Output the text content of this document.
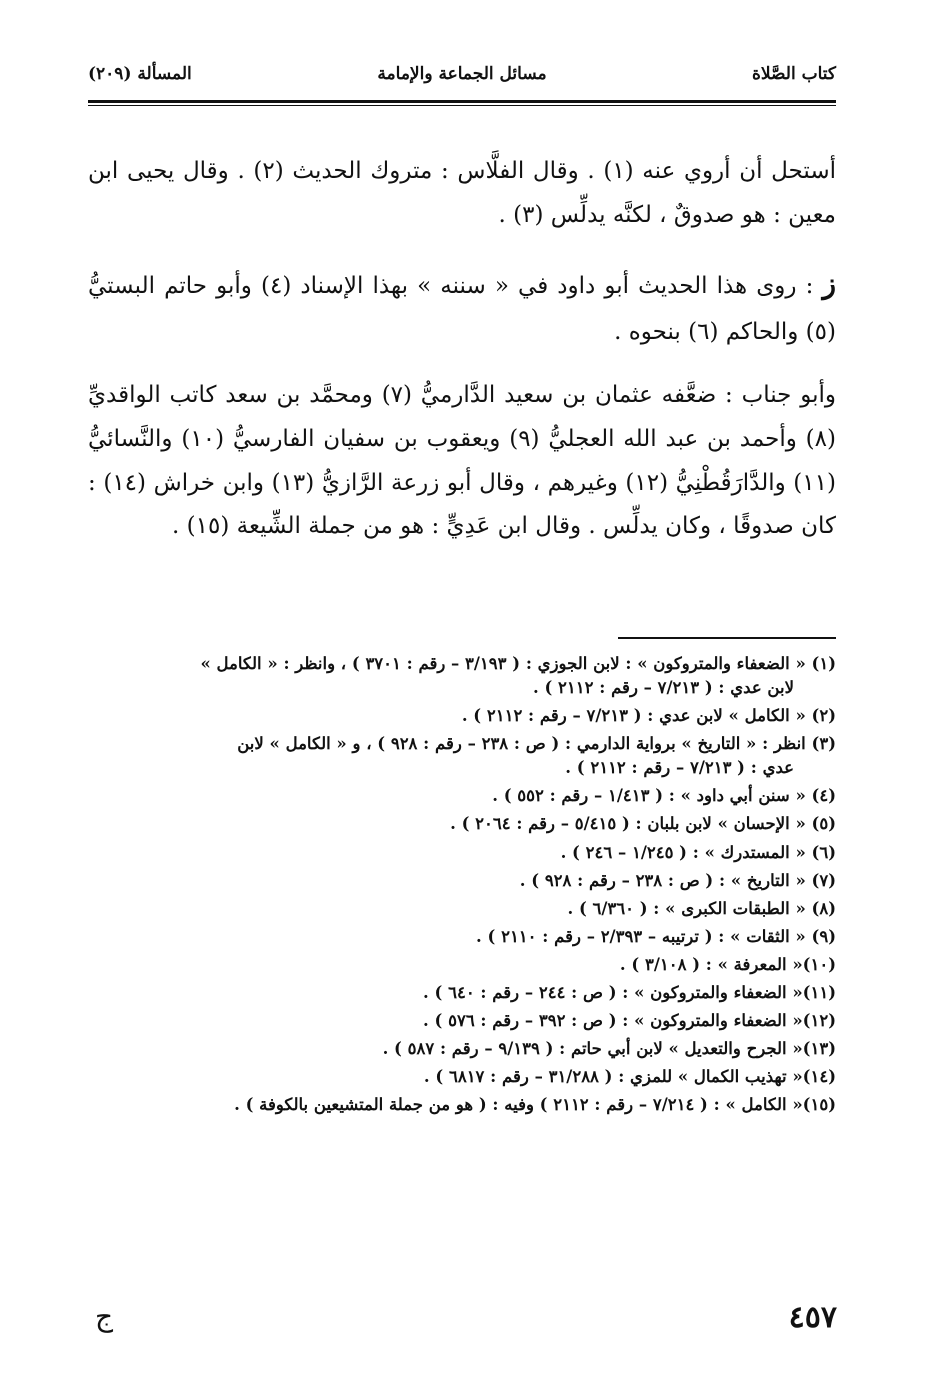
كتاب الصَّلاة
مسائل الجماعة والإمامة
المسألة (٢٠٩)

أستحل أن أروي عنه (١) . وقال الفلَّاس : متروك الحديث (٢) . وقال يحيى ابن معين : هو صدوقٌ ، لكنَّه يدلِّس (٣) .

ز : روى هذا الحديث أبو داود في « سننه » بهذا الإسناد (٤) وأبو حاتم البستيُّ (٥) والحاكم (٦) بنحوه .

وأبو جناب : ضعَّفه عثمان بن سعيد الدَّارميُّ (٧) ومحمَّد بن سعد كاتب الواقديِّ (٨) وأحمد بن عبد الله العجليُّ (٩) ويعقوب بن سفيان الفارسيُّ (١٠) والنَّسائيُّ (١١) والدَّارَقُطْنِيُّ (١٢) وغيرهم ، وقال أبو زرعة الرَّازيُّ (١٣) وابن خراش (١٤) : كان صدوقًا ، وكان يدلِّس . وقال ابن عَدِيٍّ : هو من جملة الشِّيعة (١٥) .

(١) « الضعفاء والمتروكون » : لابن الجوزي : ( ٣/١٩٣ – رقم : ٣٧٠١ ) ، وانظر : « الكامل »
لابن عدي : ( ٧/٢١٣ – رقم : ٢١١٢ ) .

(٢) « الكامل » لابن عدي : ( ٧/٢١٣ – رقم : ٢١١٢ ) .

(٣) انظر : « التاريخ » برواية الدارمي : ( ص : ٢٣٨ – رقم : ٩٢٨ ) ، و « الكامل » لابن
عدي : ( ٧/٢١٣ – رقم : ٢١١٢ ) .

(٤) « سنن أبي داود » : ( ١/٤١٣ – رقم : ٥٥٢ ) .

(٥) « الإحسان » لابن بلبان : ( ٥/٤١٥ – رقم : ٢٠٦٤ ) .

(٦) « المستدرك » : ( ١/٢٤٥ – ٢٤٦ ) .

(٧) « التاريخ » : ( ص : ٢٣٨ – رقم : ٩٢٨ ) .

(٨) « الطبقات الكبرى » : ( ٦/٣٦٠ ) .

(٩) « الثقات » : ( ترتيبه – ٢/٣٩٣ – رقم : ٢١١٠ ) .

(١٠)« المعرفة » : ( ٣/١٠٨ ) .

(١١)« الضعفاء والمتروكون » : ( ص : ٢٤٤ – رقم : ٦٤٠ ) .

(١٢)« الضعفاء والمتروكون » : ( ص : ٣٩٢ – رقم : ٥٧٦ ) .

(١٣)« الجرح والتعديل » لابن أبي حاتم : ( ٩/١٣٩ – رقم : ٥٨٧ ) .

(١٤)« تهذيب الكمال » للمزي : ( ٣١/٢٨٨ – رقم : ٦٨١٧ ) .

(١٥)« الكامل » : ( ٧/٢١٤ – رقم : ٢١١٢ ) وفيه : ( هو من جملة المتشيعين بالكوفة ) .

٤٥٧
ج
